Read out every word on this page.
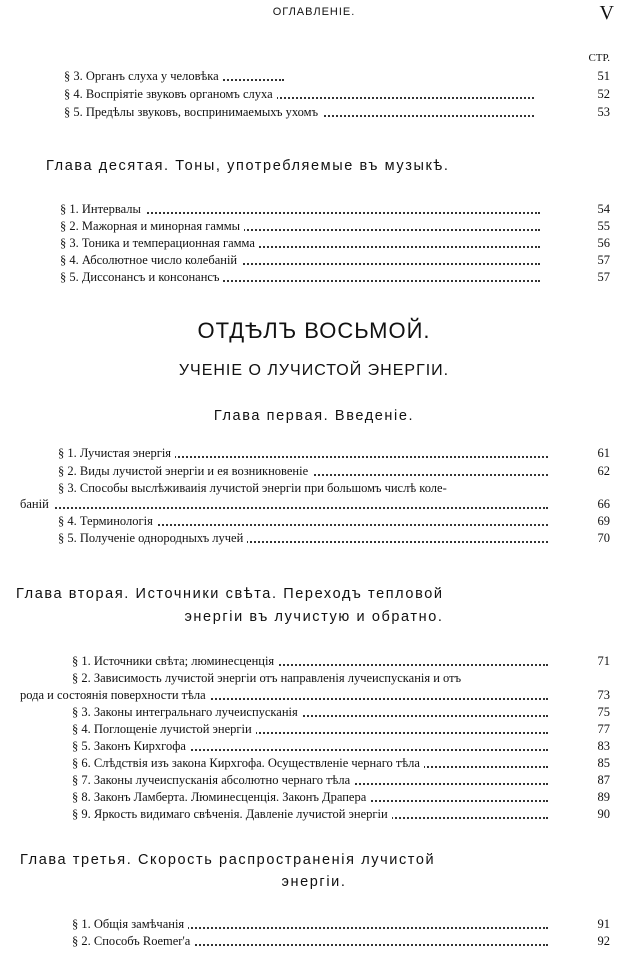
ОГЛАВЛЕНІЕ.	V
СТР.
§ 3. Органъ слуха у человѣка	51
§ 4. Воспріятіе звуковъ органомъ слуха	52
§ 5. Предѣлы звуковъ, воспринимаемыхъ ухомъ	53
Глава десятая. Тоны, употребляемые въ музыкѣ.
§ 1. Интервалы	54
§ 2. Мажорная и минорная гаммы	55
§ 3. Тоника и темперационная гамма	56
§ 4. Абсолютное число колебаній	57
§ 5. Диссонансъ и консонансъ	57
ОТДѢЛЪ ВОСЬМОЙ.
УЧЕНІЕ О ЛУЧИСТОЙ ЭНЕРГІИ.
Глава первая. Введеніе.
§ 1. Лучистая энергія	61
§ 2. Виды лучистой энергіи и ея возникновеніе	62
§ 3. Способы выслѣживаиія лучистой энергіи при большомъ числѣ коле-
баній	66
§ 4. Терминологія	69
§ 5. Полученіе однородныхъ лучей	70
Глава вторая. Источники свѣта. Переходъ тепловой
энергіи въ лучистую и обратно.
§ 1. Источники свѣта; люминесценція	71
§ 2. Зависимость лучистой энергіи отъ направленія лучеиспусканія и отъ
рода и состоянія поверхности тѣла	73
§ 3. Законы интегральнаго лучеиспусканія	75
§ 4. Поглощеніе лучистой энергіи	77
§ 5. Законъ Кирхгофа	83
§ 6. Слѣдствія изъ закона Кирхгофа. Осуществленіе чернаго тѣла	85
§ 7. Законы лучеиспусканія абсолютно чернаго тѣла	87
§ 8. Законъ Ламберта. Люминесценція. Законъ Драпера	89
§ 9. Яркость видимаго свѣченія. Давленіе лучистой энергіи	90
Глава третья. Скорость распространенія лучистой
энергіи.
§ 1. Общія замѣчанія	91
§ 2. Способъ Roemer'a	92
